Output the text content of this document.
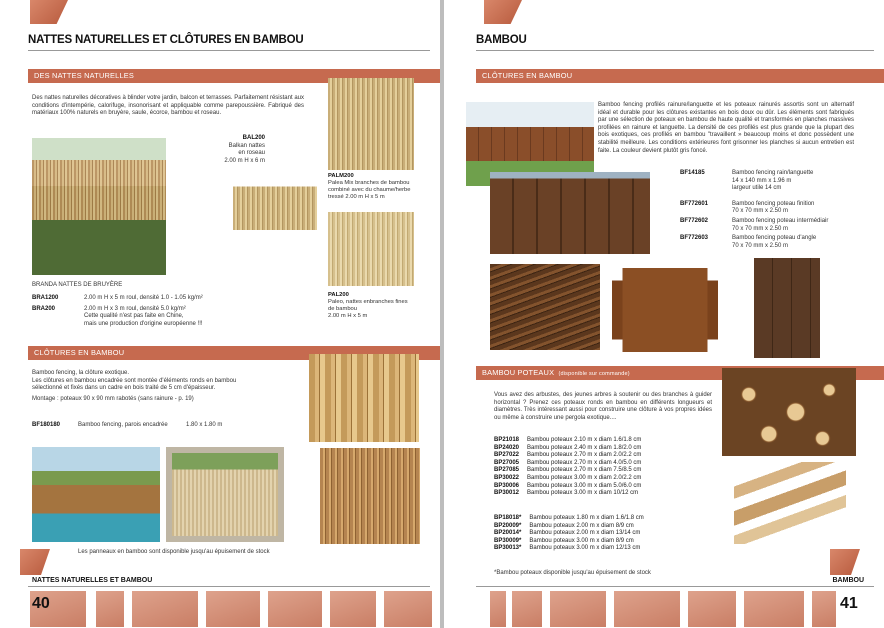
NATTES NATURELLES ET CLÔTURES EN BAMBOU
DES NATTES NATURELLES
Des nattes naturelles décoratives à blinder votre jardin, balcon et terrasses. Parfaitement résistant aux conditions d'intempérie, calorifuge, insonorisant et appliquable comme parepoussière. Fabriqué des matériaux 100% naturels en bruyère, saule, écorce, bambou et roseau.
BAL200
Balkan nattes
en roseau
2.00 m H x 6 m
PALM200
Palea Mix branches de bambou
combiné avec du chaume/herbe
tressé 2.00 m H x 5 m
PAL200
Paleo, nattes enbranches fines
de bambou
2.00 m H x 5 m
BRANDA NATTES DE BRUYÈRE
BRA1200	2.00 m H x 5 m roul, densité 1.0 - 1.05 kg/m²
BRA200	2.00 m H x 3 m roul, densité 5.0 kg/m²
Cette qualité n'est pas faite en Chine,
mais une production d'origine européenne !!!
CLÔTURES EN BAMBOU
Bamboo fencing, la clôture exotique.
Les clôtures en bambou encadrée sont montée d'éléments ronds en bambou
sélectionné et fixés dans un cadre en bois traité de 5 cm d'épaisseur.
Montage : poteaux 90 x 90 mm rabotés (sans rainure - p. 19)
BF180180	Bamboo fencing, parois encadrée	1.80 x 1.80 m
Les panneaux en bamboo sont disponible jusqu'au épuisement de stock
NATTES NATURELLES ET BAMBOU
40
BAMBOU
CLÔTURES EN BAMBOU
Bamboo fencing profilés rainure/languette et les poteaux rainurés assortis sont un alternatif idéal et durable pour les clôtures existantes en bois doux ou dûr. Les éléments sont fabriqués par une sélection de poteaux en bambou de haute qualité et transformés en planches massives profilées en rainure et languette. La densité de ces profilés est plus grande que la plupart des bois exotiques, ces profilés en bambou "travaillent » beaucoup moins et donc possèdent une stabilité meilleure. Les conditions extérieures font grisonner les planches si aucun entretien est faite. La couleur devient plutôt gris foncé.
BF14185	Bamboo fencing rain/languette
14 x 140 mm x 1.96 m
largeur utile 14 cm
BF772601	Bamboo fencing poteau finition
70 x 70 mm x 2.50 m
BF772602	Bamboo fencing poteau intermédiair
70 x 70 mm x 2.50 m
BF772603	Bamboo fencing poteau d'angle
70 x 70 mm x 2.50 m
BAMBOU POTEAUX (disponible sur commande)
Vous avez des arbustes, des jeunes arbres à soutenir ou des branches à guider horizontal ? Prenez ces poteaux ronds en bambou en différents longueurs et diamètres. Très intéressant aussi pour construire une clôture à vos propres idées ou même à construire une pergola exotique....
BP21018	Bambou poteaux 2.10 m x diam 1.6/1.8 cm
BP24020	Bambou poteaux 2.40 m x diam 1.8/2.0 cm
BP27022	Bambou poteaux 2.70 m x diam 2.0/2.2 cm
BP27005	Bambou poteaux 2.70 m x diam 4.0/5.0 cm
BP27085	Bambou poteaux 2.70 m x diam 7.5/8.5 cm
BP30022	Bambou poteaux 3.00 m x diam 2.0/2.2 cm
BP30006	Bambou poteaux 3.00 m x diam 5.0/6.0 cm
BP30012	Bambou poteaux 3.00 m x diam 10/12 cm
BP18018*	Bambou poteaux 1.80 m x diam 1.6/1.8 cm
BP20009*	Bambou poteaux 2.00 m x diam 8/9 cm
BP20014*	Bambou poteaux 2.00 m x diam 13/14 cm
BP30009*	Bambou poteaux 3.00 m x diam 8/9 cm
BP30013*	Bambou poteaux 3.00 m x diam 12/13 cm
*Bambou poteaux disponible jusqu'au épuisement de stock
BAMBOU
41
